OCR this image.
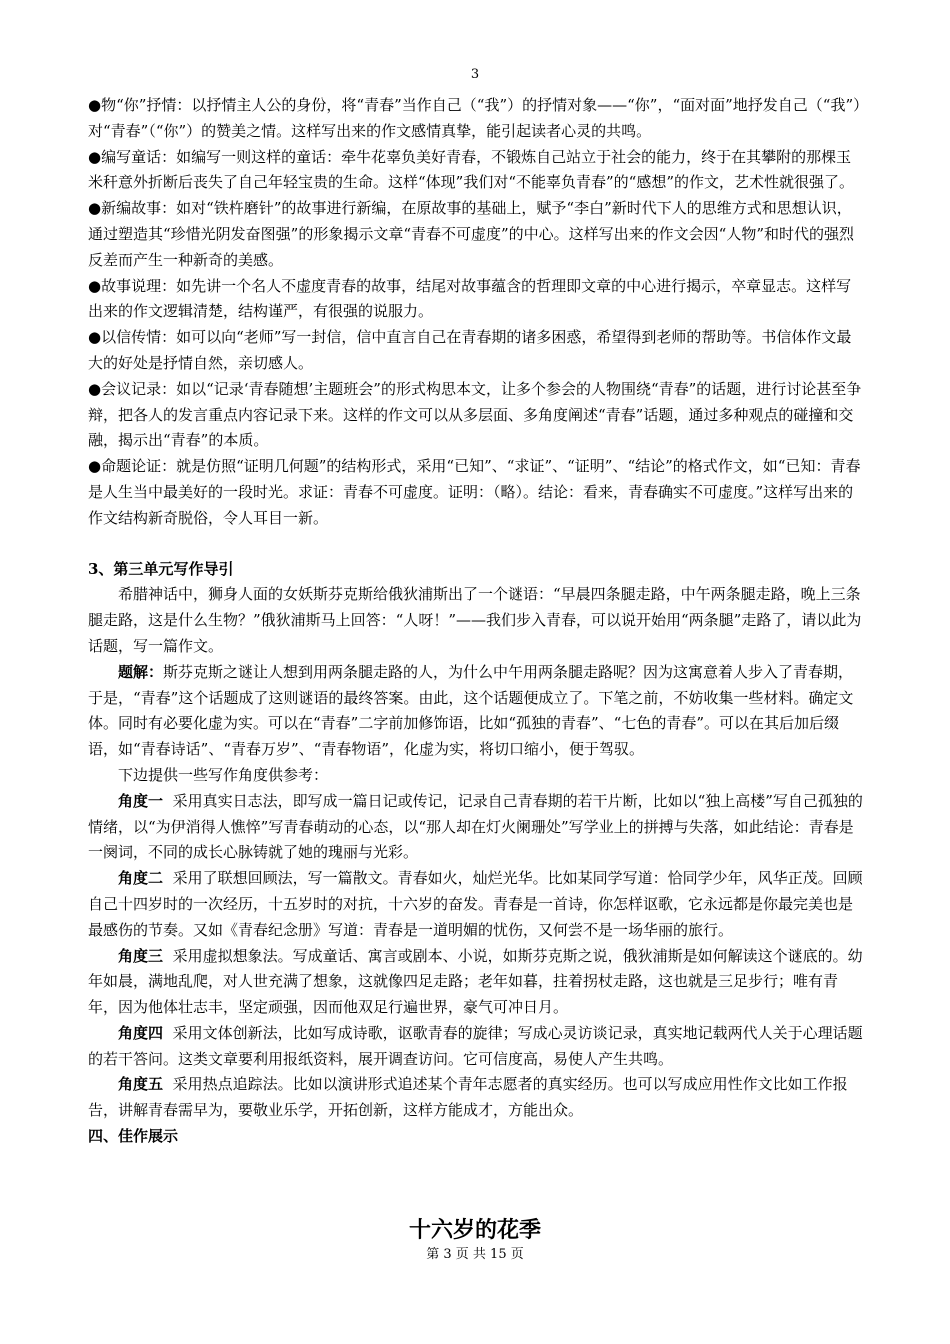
3

●物“你”抒情：以抒情主人公的身份，将“青春”当作自己（“我”）的抒情对象——“你”，“面对面”地抒发自己（“我”）对“青春”（“你”）的赞美之情。这样写出来的作文感情真挚，能引起读者心灵的共鸣。

●编写童话：如编写一则这样的童话：牵牛花辜负美好青春，不锻炼自己站立于社会的能力，终于在其攀附的那棵玉米秆意外折断后丧失了自己年轻宝贵的生命。这样“体现”我们对“不能辜负青春”的“感想”的作文，艺术性就很强了。

●新编故事：如对“铁杵磨针”的故事进行新编，在原故事的基础上，赋予“李白”新时代下人的思维方式和思想认识，通过塑造其“珍惜光阴发奋图强”的形象揭示文章“青春不可虚度”的中心。这样写出来的作文会因“人物”和时代的强烈反差而产生一种新奇的美感。

●故事说理：如先讲一个名人不虚度青春的故事，结尾对故事蕴含的哲理即文章的中心进行揭示，卒章显志。这样写出来的作文逻辑清楚，结构谨严，有很强的说服力。

●以信传情：如可以向“老师”写一封信，信中直言自己在青春期的诸多困惑，希望得到老师的帮助等。书信体作文最大的好处是抒情自然，亲切感人。

●会议记录：如以“记录‘青春随想’主题班会”的形式构思本文，让多个参会的人物围绕“青春”的话题，进行讨论甚至争辩，把各人的发言重点内容记录下来。这样的作文可以从多层面、多角度阐述“青春”话题，通过多种观点的碰撞和交融，揭示出“青春”的本质。

●命题论证：就是仿照“证明几何题”的结构形式，采用“已知”、“求证”、“证明”、“结论”的格式作文，如“已知：青春是人生当中最美好的一段时光。求证：青春不可虚度。证明：（略）。结论：看来，青春确实不可虚度。”这样写出来的作文结构新奇脱俗，令人耳目一新。

3、第三单元写作导引

希腊神话中，狮身人面的女妖斯芬克斯给俄狄浦斯出了一个谜语：“早晨四条腿走路，中午两条腿走路，晚上三条腿走路，这是什么生物？”俄狄浦斯马上回答：“人呀！”——我们步入青春，可以说开始用“两条腿”走路了，请以此为话题，写一篇作文。

题解：斯芬克斯之谜让人想到用两条腿走路的人，为什么中午用两条腿走路呢？因为这寓意着人步入了青春期，于是，“青春”这个话题成了这则谜语的最终答案。由此，这个话题便成立了。下笔之前，不妨收集一些材料。确定文体。同时有必要化虚为实。可以在“青春”二字前加修饰语，比如“孤独的青春”、“七色的青春”。可以在其后加后缀语，如“青春诗话”、“青春万岁”、“青春物语”，化虚为实，将切口缩小，便于驾驭。

下边提供一些写作角度供参考：

角度一 采用真实日志法，即写成一篇日记或传记，记录自己青春期的若干片断，比如以“独上高楼”写自己孤独的情绪，以“为伊消得人憔悴”写青春萌动的心态，以“那人却在灯火阑珊处”写学业上的拼搏与失落，如此结论：青春是一阕词，不同的成长心脉铸就了她的瑰丽与光彩。

角度二 采用了联想回顾法，写一篇散文。青春如火，灿烂光华。比如某同学写道：恰同学少年，风华正茂。回顾自己十四岁时的一次经历，十五岁时的对抗，十六岁的奋发。青春是一首诗，你怎样讴歌，它永远都是你最完美也是最感伤的节奏。又如《青春纪念册》写道：青春是一道明媚的忧伤，又何尝不是一场华丽的旅行。

角度三 采用虚拟想象法。写成童话、寓言或剧本、小说，如斯芬克斯之说，俄狄浦斯是如何解读这个谜底的。幼年如晨，满地乱爬，对人世充满了想象，这就像四足走路；老年如暮，拄着拐杖走路，这也就是三足步行；唯有青年，因为他体壮志丰，坚定顽强，因而他双足行遍世界，豪气可冲日月。

角度四 采用文体创新法，比如写成诗歌，讴歌青春的旋律；写成心灵访谈记录，真实地记载两代人关于心理话题的若干答问。这类文章要利用报纸资料，展开调查访问。它可信度高，易使人产生共鸣。

角度五 采用热点追踪法。比如以演讲形式追述某个青年志愿者的真实经历。也可以写成应用性作文比如工作报告，讲解青春需早为，要敬业乐学，开拓创新，这样方能成才，方能出众。

四、佳作展示

十六岁的花季
第 3 页 共 15 页
